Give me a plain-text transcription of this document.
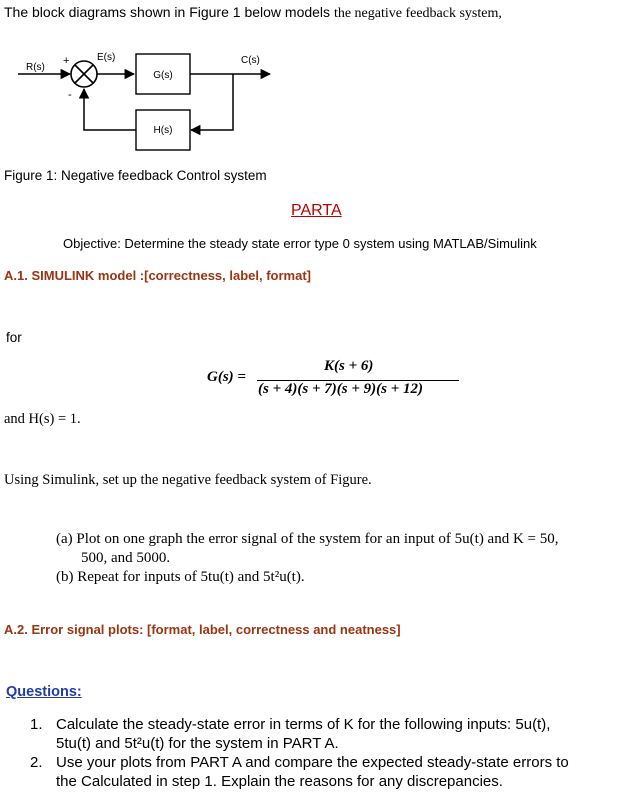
The block diagrams shown in Figure 1 below models the negative feedback system,
G(s)
H(s)
R(s)
E(s)	C(s)
+
-
Figure 1: Negative feedback Control system
PARTA
Objective: Determine the steady state error type 0 system using MATLAB/Simulink
A.1. SIMULINK model :[correctness, label, format]
for
G(s) =
K(s + 6)
(s + 4)(s + 7)(s + 9)(s + 12)
and H(s) = 1.
Using Simulink, set up the negative feedback system of Figure.
(a) Plot on one graph the error signal of the system for an input of 5u(t) and K = 50,
500, and 5000.
(b) Repeat for inputs of 5tu(t) and 5t²u(t).
A.2. Error signal plots: [format, label, correctness and neatness]
Questions:
1. Calculate the steady-state error in terms of K for the following inputs: 5u(t),
5tu(t) and 5t²u(t) for the system in PART A.
2. Use your plots from PART A and compare the expected steady-state errors to
the Calculated in step 1. Explain the reasons for any discrepancies.
